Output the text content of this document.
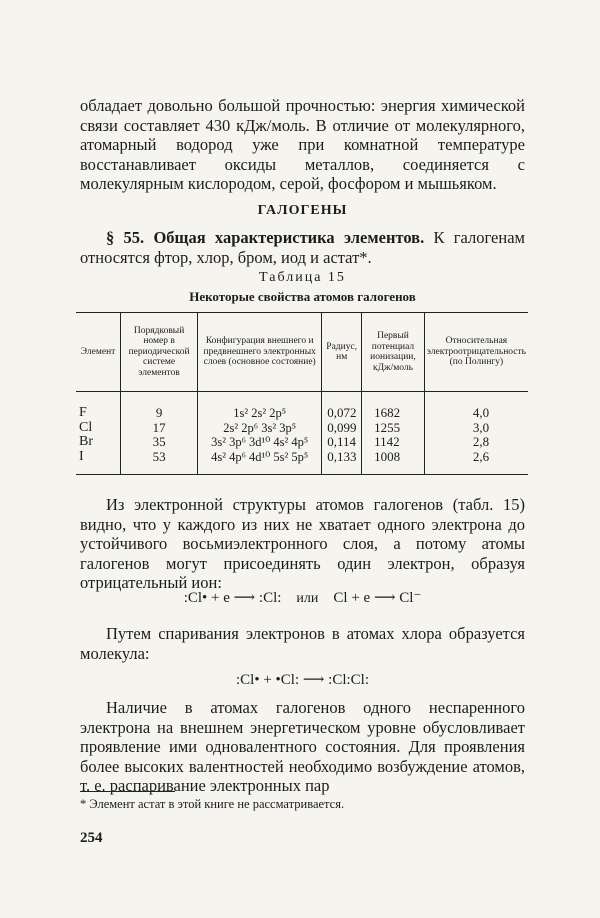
обладает довольно большой прочностью: энергия химической связи составляет 430 кДж/моль. В отличие от молекулярного, атомарный водород уже при комнатной температуре восстанавливает оксиды металлов, соединяется с молекулярным кислородом, серой, фосфором и мышьяком.

ГАЛОГЕНЫ

§ 55. Общая характеристика элементов. К галогенам относятся фтор, хлор, бром, иод и астат*.

Таблица 15
Некоторые свойства атомов галогенов
Элемент	Порядковый номер в периодической системе элементов	Конфигурация внешнего и предвнешнего электронных слоев (основное состояние)	Радиус, нм	Первый потенциал ионизации, кДж/моль	Относительная электроотрицательность (по Полингу)
F	9	1s² 2s² 2p⁵	0,072	1682	4,0
Cl	17	2s² 2p⁶ 3s² 3p⁵	0,099	1255	3,0
Br	35	3s² 3p⁶ 3d¹⁰ 4s² 4p⁵	0,114	1142	2,8
I	53	4s² 4p⁶ 4d¹⁰ 5s² 5p⁵	0,133	1008	2,6

Из электронной структуры атомов галогенов (табл. 15) видно, что у каждого из них не хватает одного электрона до устойчивого восьмиэлектронного слоя, а потому атомы галогенов могут присоединять один электрон, образуя отрицательный ион:

:Cl• + e ⟶ :Cl: или Cl + e ⟶ Cl⁻

Путем спаривания электронов в атомах хлора образуется молекула:

:Cl• + •Cl: ⟶ :Cl:Cl:

Наличие в атомах галогенов одного неспаренного электрона на внешнем энергетическом уровне обусловливает проявление ими одновалентного состояния. Для проявления более высоких валентностей необходимо возбуждение атомов, т. е. распаривание электронных пар

* Элемент астат в этой книге не рассматривается.
254
